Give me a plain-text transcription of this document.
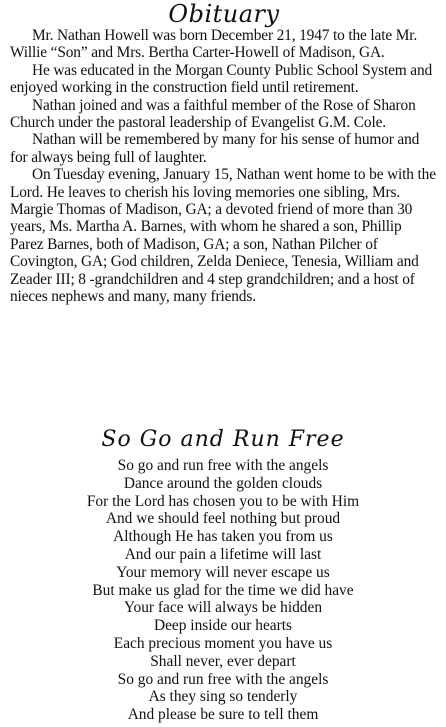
Obituary

Mr. Nathan Howell was born December 21, 1947 to the late Mr. Willie “Son” and Mrs. Bertha Carter-Howell of Madison, GA.

He was educated in the Morgan County Public School System and enjoyed working in the construction field until retirement.

Nathan joined and was a faithful member of the Rose of Sharon Church under the pastoral leadership of Evangelist G.M. Cole.

Nathan will be remembered by many for his sense of humor and for always being full of laughter.

On Tuesday evening, January 15, Nathan went home to be with the Lord. He leaves to cherish his loving memories one sibling, Mrs. Margie Thomas of Madison, GA; a devoted friend of more than 30 years, Ms. Martha A. Barnes, with whom he shared a son, Phillip Parez Barnes, both of Madison, GA; a son, Nathan Pilcher of Covington, GA; God children, Zelda Deniece, Tenesia, William and Zeader III; 8 -grandchildren and 4 step grandchildren; and a host of nieces nephews and many, many friends.

So Go and Run Free
So go and run free with the angels
Dance around the golden clouds
For the Lord has chosen you to be with Him
And we should feel nothing but proud
Although He has taken you from us
And our pain a lifetime will last
Your memory will never escape us
But make us glad for the time we did have
Your face will always be hidden
Deep inside our hearts
Each precious moment you have us
Shall never, ever depart
So go and run free with the angels
As they sing so tenderly
And please be sure to tell them
